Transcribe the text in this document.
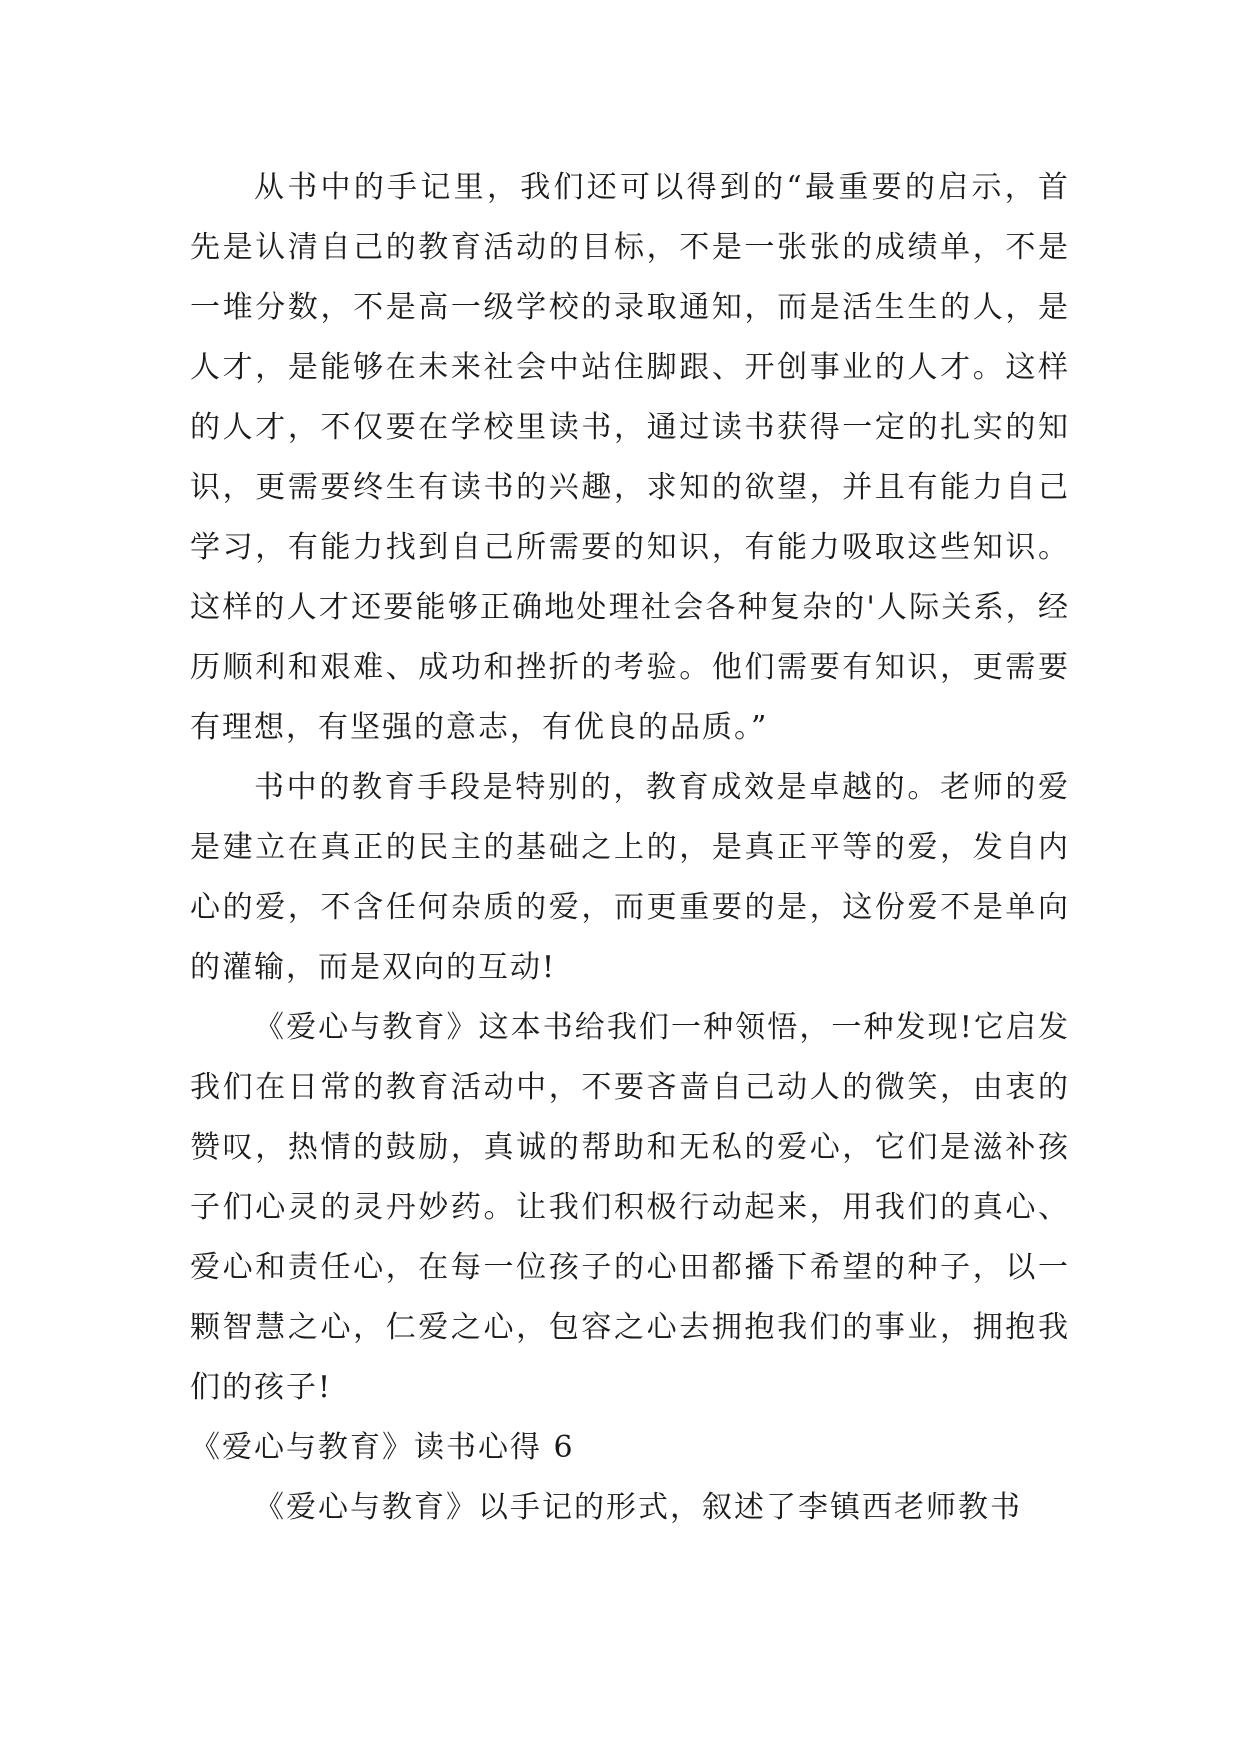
从书中的手记里，我们还可以得到的“最重要的启示，首先是认清自己的教育活动的目标，不是一张张的成绩单，不是一堆分数，不是高一级学校的录取通知，而是活生生的人，是人才，是能够在未来社会中站住脚跟、开创事业的人才。这样的人才，不仅要在学校里读书，通过读书获得一定的扎实的知识，更需要终生有读书的兴趣，求知的欲望，并且有能力自己学习，有能力找到自己所需要的知识，有能力吸取这些知识。这样的人才还要能够正确地处理社会各种复杂的'人际关系，经历顺利和艰难、成功和挫折的考验。他们需要有知识，更需要有理想，有坚强的意志，有优良的品质。”

书中的教育手段是特别的，教育成效是卓越的。老师的爱是建立在真正的民主的基础之上的，是真正平等的爱，发自内心的爱，不含任何杂质的爱，而更重要的是，这份爱不是单向的灌输，而是双向的互动!

《爱心与教育》这本书给我们一种领悟，一种发现!它启发我们在日常的教育活动中，不要吝啬自己动人的微笑，由衷的赞叹，热情的鼓励，真诚的帮助和无私的爱心，它们是滋补孩子们心灵的灵丹妙药。让我们积极行动起来，用我们的真心、爱心和责任心，在每一位孩子的心田都播下希望的种子，以一颗智慧之心，仁爱之心，包容之心去拥抱我们的事业，拥抱我们的孩子!

《爱心与教育》读书心得 6

《爱心与教育》以手记的形式，叙述了李镇西老师教书
